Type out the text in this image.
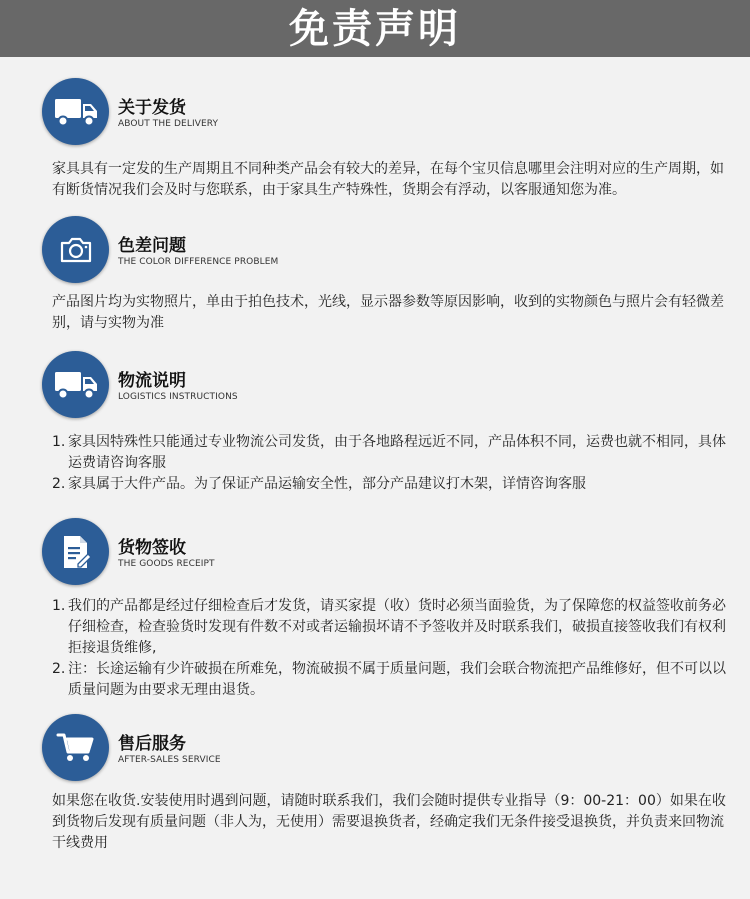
免责声明
关于发货
ABOUT THE DELIVERY

家具具有一定发的生产周期且不同种类产品会有较大的差异，在每个宝贝信息哪里会注明对应的生产周期，如有断货情况我们会及时与您联系，由于家具生产特殊性，货期会有浮动，以客服通知您为准。

色差问题
THE COLOR DIFFERENCE PROBLEM

产品图片均为实物照片，单由于拍色技术，光线，显示器参数等原因影响，收到的实物颜色与照片会有轻微差别，请与实物为准

物流说明
LOGISTICS INSTRUCTIONS
1. 家具因特殊性只能通过专业物流公司发货，由于各地路程远近不同，产品体积不同，运费也就不相同，具体运费请咨询客服
2. 家具属于大件产品。为了保证产品运输安全性，部分产品建议打木架，详情咨询客服
货物签收
THE GOODS RECEIPT
1. 我们的产品都是经过仔细检查后才发货，请买家提（收）货时必须当面验货，为了保障您的权益签收前务必仔细检查，检查验货时发现有件数不对或者运输损坏请不予签收并及时联系我们，破损直接签收我们有权利拒接退货维修,
2. 注：长途运输有少许破损在所难免，物流破损不属于质量问题，我们会联合物流把产品维修好，但不可以以质量问题为由要求无理由退货。
售后服务
AFTER-SALES SERVICE

如果您在收货.安装使用时遇到问题，请随时联系我们，我们会随时提供专业指导（9：00-21：00）如果在收到货物后发现有质量问题（非人为，无使用）需要退换货者，经确定我们无条件接受退换货，并负责来回物流干线费用
